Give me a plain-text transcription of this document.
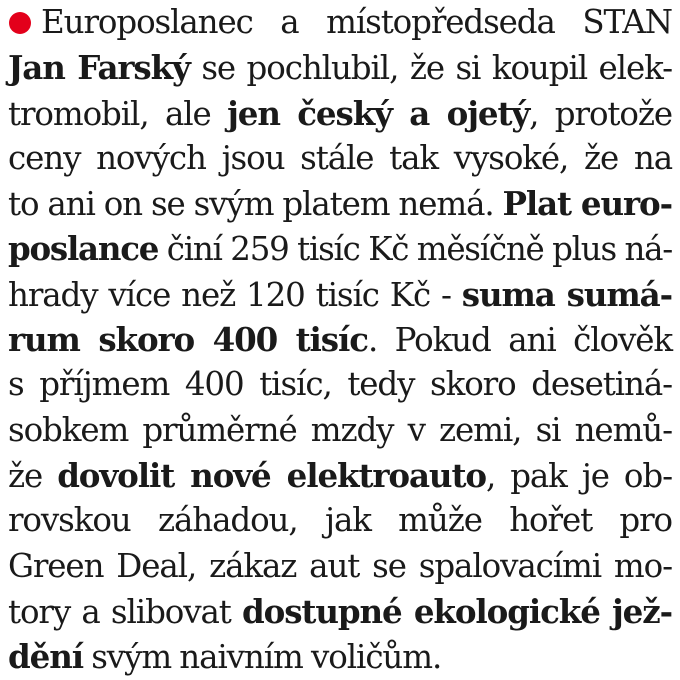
Europoslanec a místopředseda STAN
Jan Farský se pochlubil, že si koupil elek-
tromobil, ale jen český a ojetý, protože
ceny nových jsou stále tak vysoké, že na
to ani on se svým platem nemá. Plat euro-
poslance činí 259 tisíc Kč měsíčně plus ná-
hrady více než 120 tisíc Kč - suma sumá-
rum skoro 400 tisíc. Pokud ani člověk
s příjmem 400 tisíc, tedy skoro desetiná-
sobkem průměrné mzdy v zemi, si nemů-
že dovolit nové elektroauto, pak je ob-
rovskou záhadou, jak může hořet pro
Green Deal, zákaz aut se spalovacími mo-
tory a slibovat dostupné ekologické jež-
dění svým naivním voličům.
